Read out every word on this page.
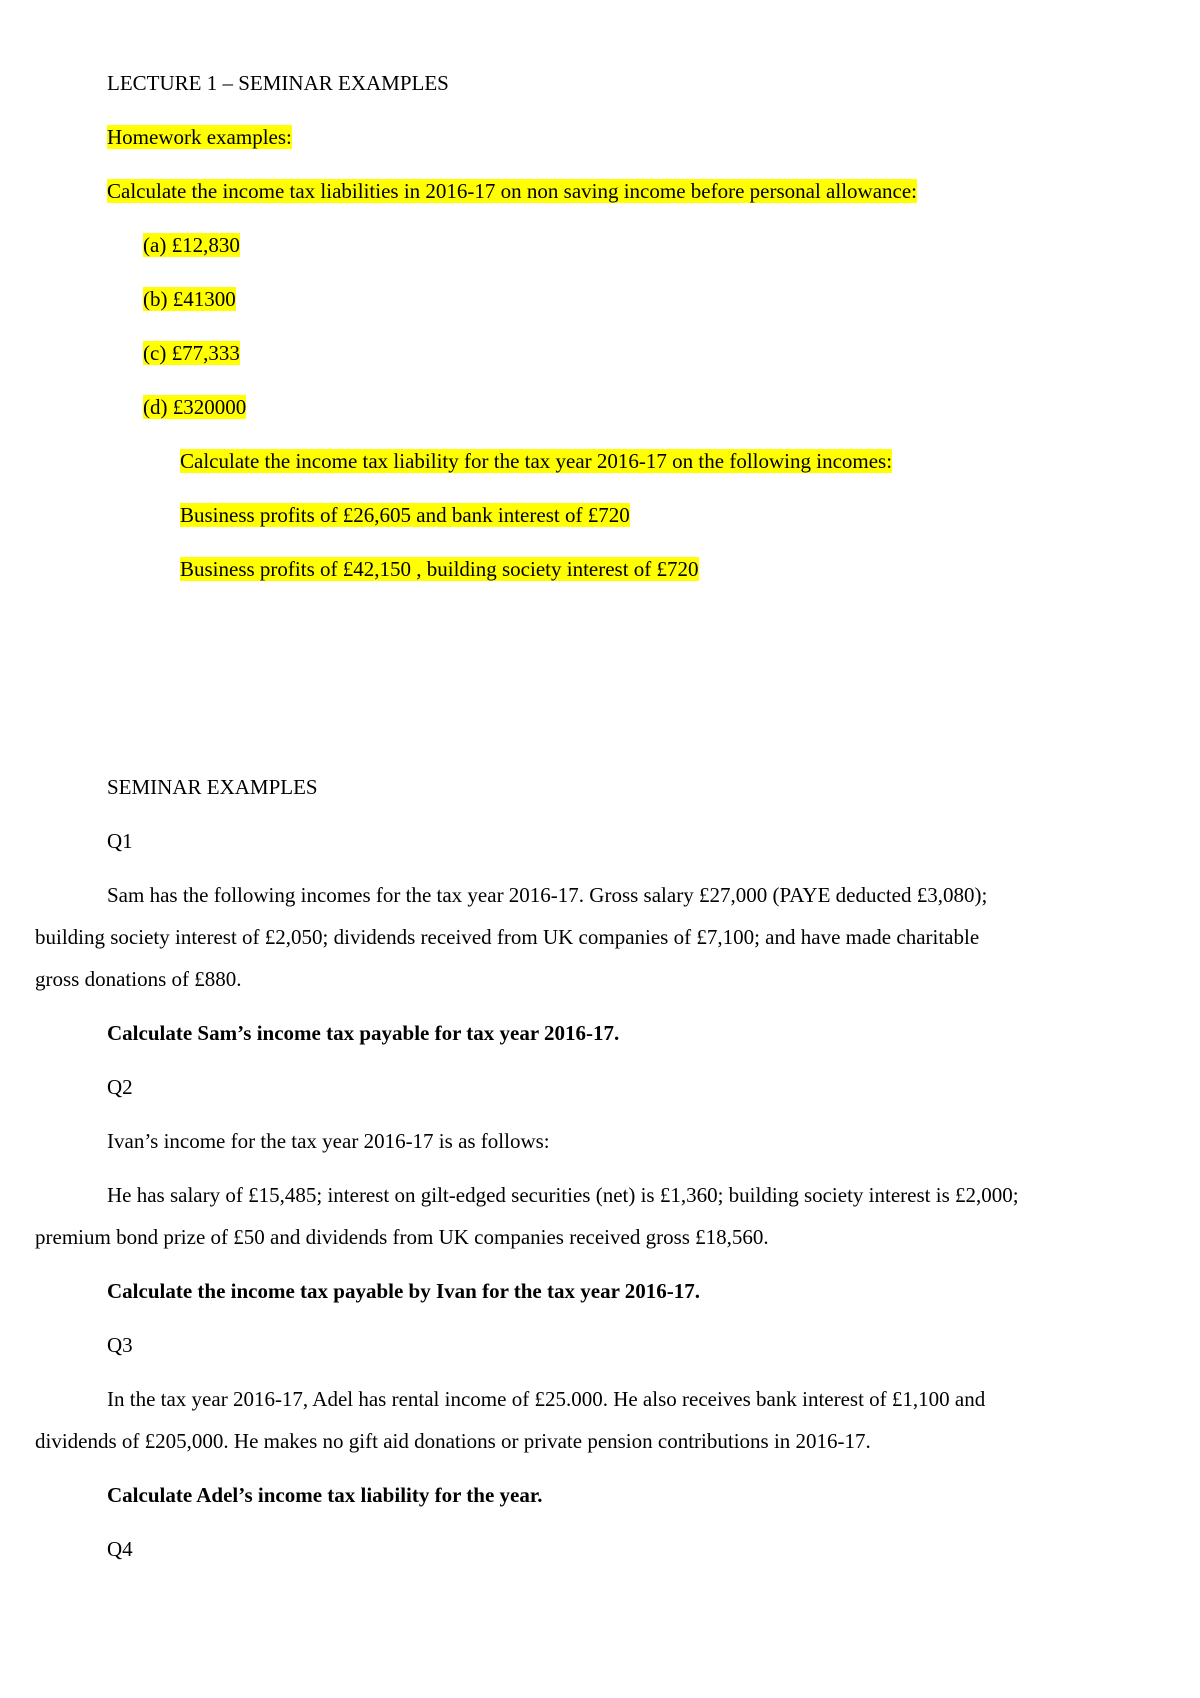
LECTURE 1 – SEMINAR EXAMPLES
Homework examples:
Calculate the income tax liabilities in 2016-17 on non saving income before personal allowance:
(a) £12,830
(b) £41300
(c) £77,333
(d) £320000
Calculate the income tax liability for the tax year 2016-17 on the following incomes:
Business profits of £26,605 and bank interest of £720
Business profits of £42,150 , building society interest of £720
SEMINAR EXAMPLES
Q1
Sam has the following incomes for the tax year 2016-17. Gross salary £27,000 (PAYE deducted £3,080);
building society interest of £2,050; dividends received from UK companies of £7,100; and have made charitable
gross donations of £880.
Calculate Sam’s income tax payable for tax year 2016-17.
Q2
Ivan’s income for the tax year 2016-17 is as follows:
He has salary of £15,485; interest on gilt-edged securities (net) is £1,360; building society interest is £2,000;
premium bond prize of £50 and dividends from UK companies received gross £18,560.
Calculate the income tax payable by Ivan for the tax year 2016-17.
Q3
In the tax year 2016-17, Adel has rental income of £25.000. He also receives bank interest of £1,100 and
dividends of £205,000. He makes no gift aid donations or private pension contributions in 2016-17.
Calculate Adel’s income tax liability for the year.
Q4
